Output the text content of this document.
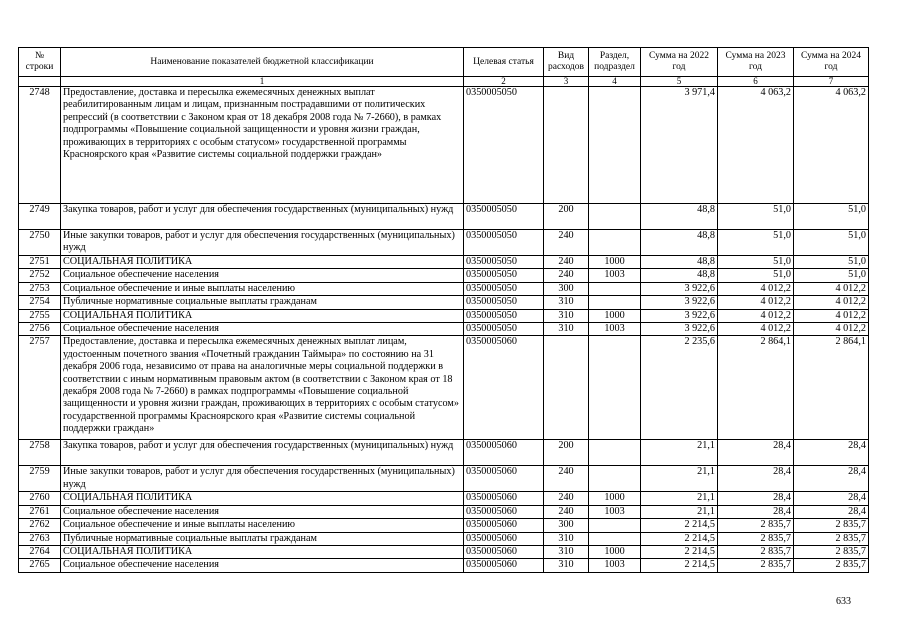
№ строки	Наименование показателей бюджетной классификации	Целевая статья	Вид расходов	Раздел, подраздел	Сумма на 2022 год	Сумма на 2023 год	Сумма на 2024 год
	1	2	3	4	5	6	7
2748	Предоставление, доставка и пересылка ежемесячных денежных выплат реабилитированным лицам и лицам, признанным пострадавшими от политических репрессий (в соответствии с Законом края от 18 декабря 2008 года № 7-2660), в рамках подпрограммы «Повышение социальной защищенности и уровня жизни граждан, проживающих в территориях с особым статусом» государственной программы Красноярского края «Развитие системы социальной поддержки граждан»	0350005050			3 971,4	4 063,2	4 063,2
2749	Закупка товаров, работ и услуг для обеспечения государственных (муниципальных) нужд	0350005050	200		48,8	51,0	51,0
2750	Иные закупки товаров, работ и услуг для обеспечения государственных (муниципальных) нужд	0350005050	240		48,8	51,0	51,0
2751	СОЦИАЛЬНАЯ ПОЛИТИКА	0350005050	240	1000	48,8	51,0	51,0
2752	Социальное обеспечение населения	0350005050	240	1003	48,8	51,0	51,0
2753	Социальное обеспечение и иные выплаты населению	0350005050	300		3 922,6	4 012,2	4 012,2
2754	Публичные нормативные социальные выплаты гражданам	0350005050	310		3 922,6	4 012,2	4 012,2
2755	СОЦИАЛЬНАЯ ПОЛИТИКА	0350005050	310	1000	3 922,6	4 012,2	4 012,2
2756	Социальное обеспечение населения	0350005050	310	1003	3 922,6	4 012,2	4 012,2
2757	Предоставление, доставка и пересылка ежемесячных денежных выплат лицам, удостоенным почетного звания «Почетный гражданин Таймыра» по состоянию на 31 декабря 2006 года, независимо от права на аналогичные меры социальной поддержки в соответствии с иным нормативным правовым актом (в соответствии с Законом края от 18 декабря 2008 года № 7-2660) в рамках подпрограммы «Повышение социальной защищенности и уровня жизни граждан, проживающих в территориях с особым статусом» государственной программы Красноярского края «Развитие системы социальной поддержки граждан»	0350005060			2 235,6	2 864,1	2 864,1
2758	Закупка товаров, работ и услуг для обеспечения государственных (муниципальных) нужд	0350005060	200		21,1	28,4	28,4
2759	Иные закупки товаров, работ и услуг для обеспечения государственных (муниципальных) нужд	0350005060	240		21,1	28,4	28,4
2760	СОЦИАЛЬНАЯ ПОЛИТИКА	0350005060	240	1000	21,1	28,4	28,4
2761	Социальное обеспечение населения	0350005060	240	1003	21,1	28,4	28,4
2762	Социальное обеспечение и иные выплаты населению	0350005060	300		2 214,5	2 835,7	2 835,7
2763	Публичные нормативные социальные выплаты гражданам	0350005060	310		2 214,5	2 835,7	2 835,7
2764	СОЦИАЛЬНАЯ ПОЛИТИКА	0350005060	310	1000	2 214,5	2 835,7	2 835,7
2765	Социальное обеспечение населения	0350005060	310	1003	2 214,5	2 835,7	2 835,7
633
